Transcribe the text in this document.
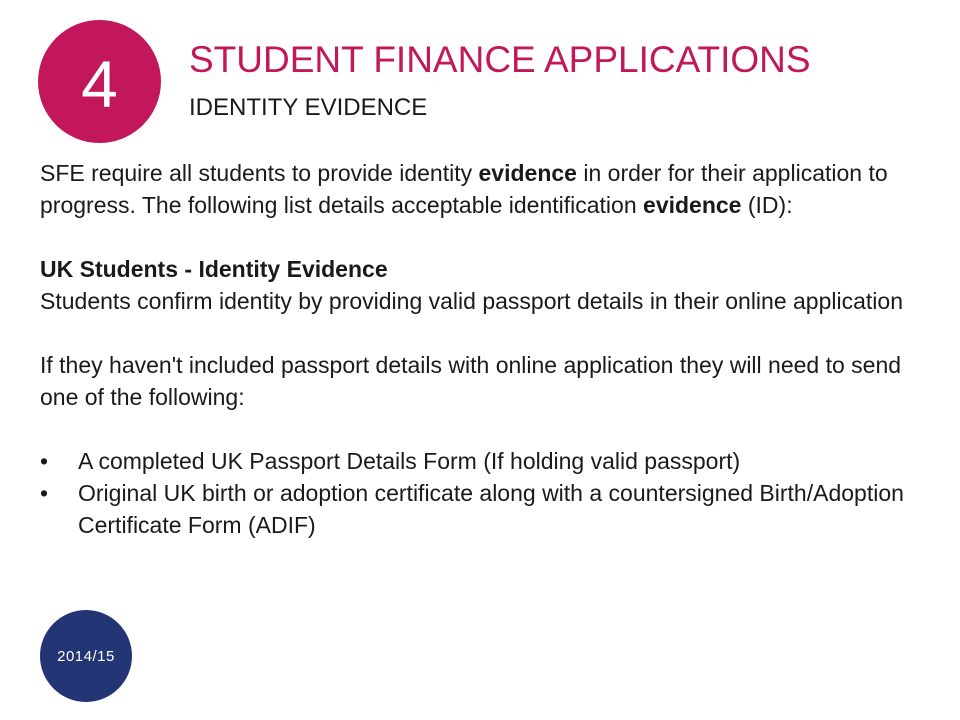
4 STUDENT FINANCE APPLICATIONS
IDENTITY EVIDENCE

SFE require all students to provide identity evidence in order for their application to progress. The following list details acceptable identification evidence (ID):

UK Students - Identity Evidence

Students confirm identity by providing valid passport details in their online application

If they haven't included passport details with online application they will need to send one of the following:

• A completed UK Passport Details Form (If holding valid passport)
• Original UK birth or adoption certificate along with a countersigned Birth/Adoption Certificate Form (ADIF)
2014/15
